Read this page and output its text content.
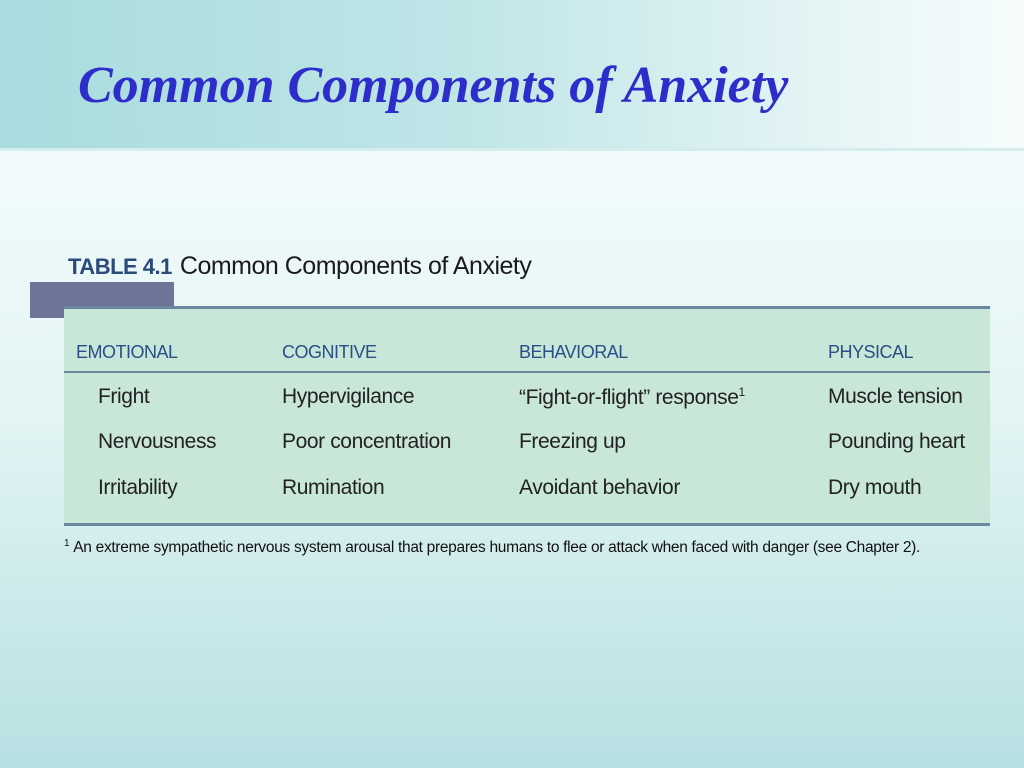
Common Components of Anxiety
TABLE 4.1 Common Components of Anxiety
EMOTIONAL	COGNITIVE	BEHAVIORAL	PHYSICAL
Fright	Hypervigilance	“Fight-or-flight” response$^1$	Muscle tension
Nervousness	Poor concentration	Freezing up	Pounding heart
Irritability	Rumination	Avoidant behavior	Dry mouth
$^1$ An extreme sympathetic nervous system arousal that prepares humans to flee or attack when faced with danger (see Chapter 2).
